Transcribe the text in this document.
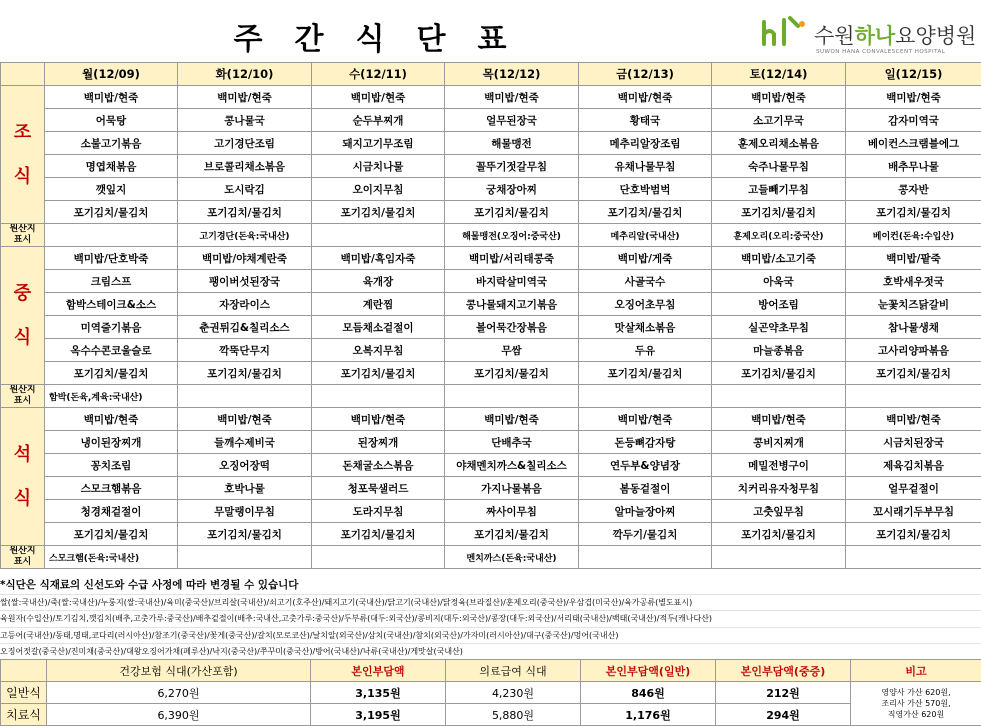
주 간 식 단 표	수원하나요양병원
SUWON HANA CONVALESCENT HOSPITAL
	월(12/09)	화(12/10)	수(12/11)	목(12/12)	금(12/13)	토(12/14)	일(12/15)

조
식	백미밥/현죽	백미밥/현죽	백미밥/현죽	백미밥/현죽	백미밥/현죽	백미밥/현죽	백미밥/현죽
	어묵탕	콩나물국	순두부찌개	얼무된장국	황태국	소고기무국	감자미역국
	소불고기볶음	고기경단조림	돼지고기무조림	해물맹전	메추리알장조림	훈제오리채소볶음	베이컨스크램블에그
	명엽채볶음	브로콜리채소볶음	시금치나물	꼴뚜기젓갈무침	유채나물무침	숙주나물무침	배추무나물
	깻잎지	도시락김	오이지무침	궁채장아찌	단호박범벅	고들빼기무침	콩자반
	포기김치/물김치	포기김치/물김치	포기김치/물김치	포기김치/물김치	포기김치/물김치	포기김치/물김치	포기김치/물김치
원산지
표시		고기경단(돈육:국내산)		해물맹전(오징어:중국산)	메추리알(국내산)	훈제오리(오리:중국산)	베이컨(돈육:수입산)

중
식	백미밥/단호박죽	백미밥/야채계란죽	백미밥/흑임자죽	백미밥/서리태콩죽	백미밥/게죽	백미밥/소고기죽	백미밥/팥죽
	크림스프	팽이버섯된장국	육개장	바지락살미역국	사골국수	아욱국	호박새우젓국
	함박스테이크&소스	자장라이스	계란찜	콩나물돼지고기볶음	오징어초무침	방어조림	눈꽃치즈닭갈비
	미역줄기볶음	춘권튀김&칠리소스	모듬채소겉절이	볼어묵간장볶음	맛살채소볶음	실곤약초무침	참나물생채
	옥수수콘코울슬로	깍뚝단무지	오복지무침	무쌈	두유	마늘종볶음	고사리양파볶음
	포기김치/물김치	포기김치/물김치	포기김치/물김치	포기김치/물김치	포기김치/물김치	포기김치/물김치	포기김치/물김치
원산지
표시	함박(돈육,계육:국내산)						

석
식	백미밥/현죽	백미밥/현죽	백미밥/현죽	백미밥/현죽	백미밥/현죽	백미밥/현죽	백미밥/현죽
	냉이된장찌개	들깨수제비국	된장찌개	단배추국	돈등뼈감자탕	콩비지찌개	시금치된장국
	꽁치조림	오징어장떡	돈채굴소스볶음	야채멘치까스&칠리소스	연두부&양념장	메밀전병구이	제육김치볶음
	스모크햄볶음	호박나물	청포묵샐러드	가지나물볶음	봄동겉절이	치커리유자청무침	얼무겉절이
	청경채겉절이	무말랭이무침	도라지무침	짜사이무침	알마늘장아찌	고춧잎무침	꼬시래기두부무침
	포기김치/물김치	포기김치/물김치	포기김치/물김치	포기김치/물김치	깍두기/물김치	포기김치/물김치	포기김치/물김치
원산지
표시	스모크햄(돈육:국내산)			멘치까스(돈육:국내산)			
*식단은 식재료의 신선도와 수급 사정에 따라 변경될 수 있습니다
쌀(쌀:국내산)/죽(쌀:국내산)/누룽지(쌀:국내산)/육미(중국산)/브리살(국내산)/쇠고기(호주산)/돼지고기(국내산)/닭고기(국내산)/닭정육(브라질산)/훈제오리(중국산)/우삼겹(미국산)/육가공류(별도표시)
육원자(수입산)/토기김치,깻김치(배추,고춧가루:중국산)/배추겉절이(배추:국내산,고춧가루:중국산)/두부류(대두:외국산)/콩비지(대두:외국산)/콩장(대두:외국산)/서리태(국내산)/백태(국내산)/적두(캐나다산)
고등어(국내산)/동태,명태,코다리(러시아산)/참조기(중국산)/꽃게(중국산)/갈치(모로코산)/날치알(외국산)/삼치(국내산)/참치(외국산)/가자미(러시아산)/대구(중국산)/멍어(국내산)
오징어젓갈(중국산)/진미채(중국산)/대왕오징어가채(페루산)/낙지(중국산)/쭈꾸미(중국산)/방어(국내산)/낙류(국내산)/게맛살(국내산)
	건강보험 식대(가산포함)	본인부담액	의료급여 식대	본인부담액(일반)	본인부담액(중증)	비고
일반식	6,270원	3,135원	4,230원	846원	212원	영양사 가산 620원,
조리사 가산 570원,
직영가산 620원

치료식	6,390원	3,195원	5,880원	1,176원	294원	
